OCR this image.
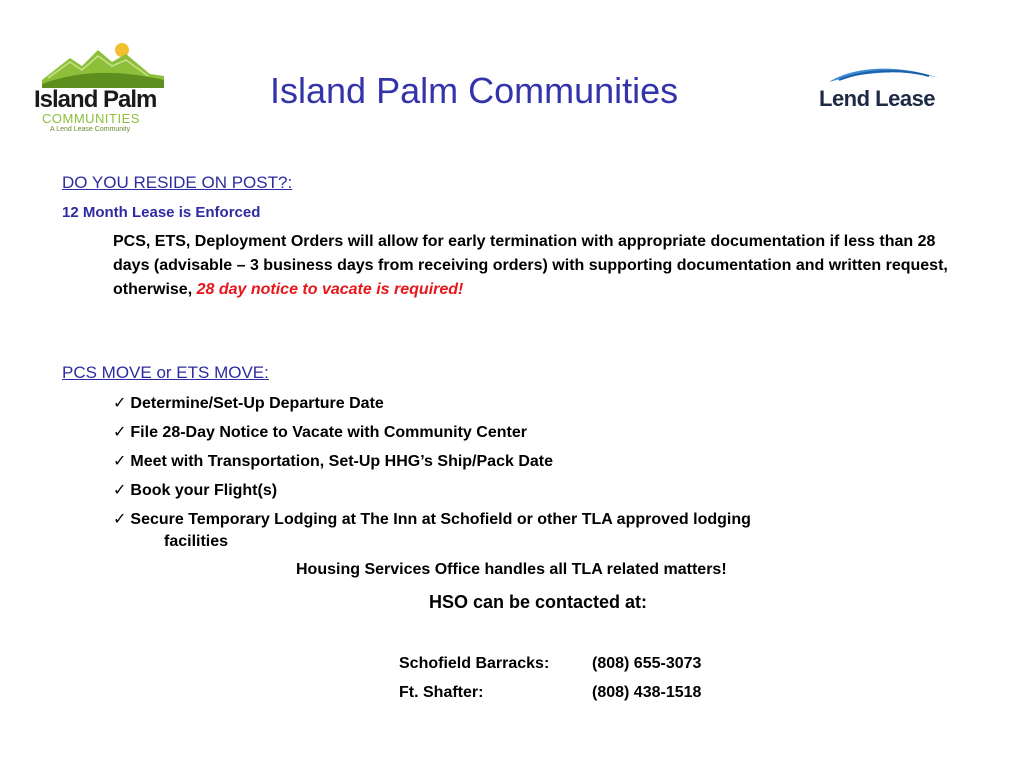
Island Palm
COMMUNITIES
A Lend Lease Community
Island Palm Communities	Lend Lease
DO YOU RESIDE ON POST?:
12 Month Lease is Enforced
PCS, ETS, Deployment Orders will allow for early termination with appropriate documentation if less than 28 days (advisable – 3 business days from receiving orders) with supporting documentation and written request, otherwise, 28 day notice to vacate is required!
PCS MOVE or ETS MOVE:
✓ Determine/Set-Up Departure Date
✓ File 28-Day Notice to Vacate with Community Center
✓ Meet with Transportation, Set-Up HHG’s Ship/Pack Date
✓ Book your Flight(s)
✓ Secure Temporary Lodging at The Inn at Schofield or other TLA approved lodging
facilities
Housing Services Office handles all TLA related matters!
HSO can be contacted at:
Schofield Barracks:	(808) 655-3073
Ft. Shafter:	(808) 438-1518
